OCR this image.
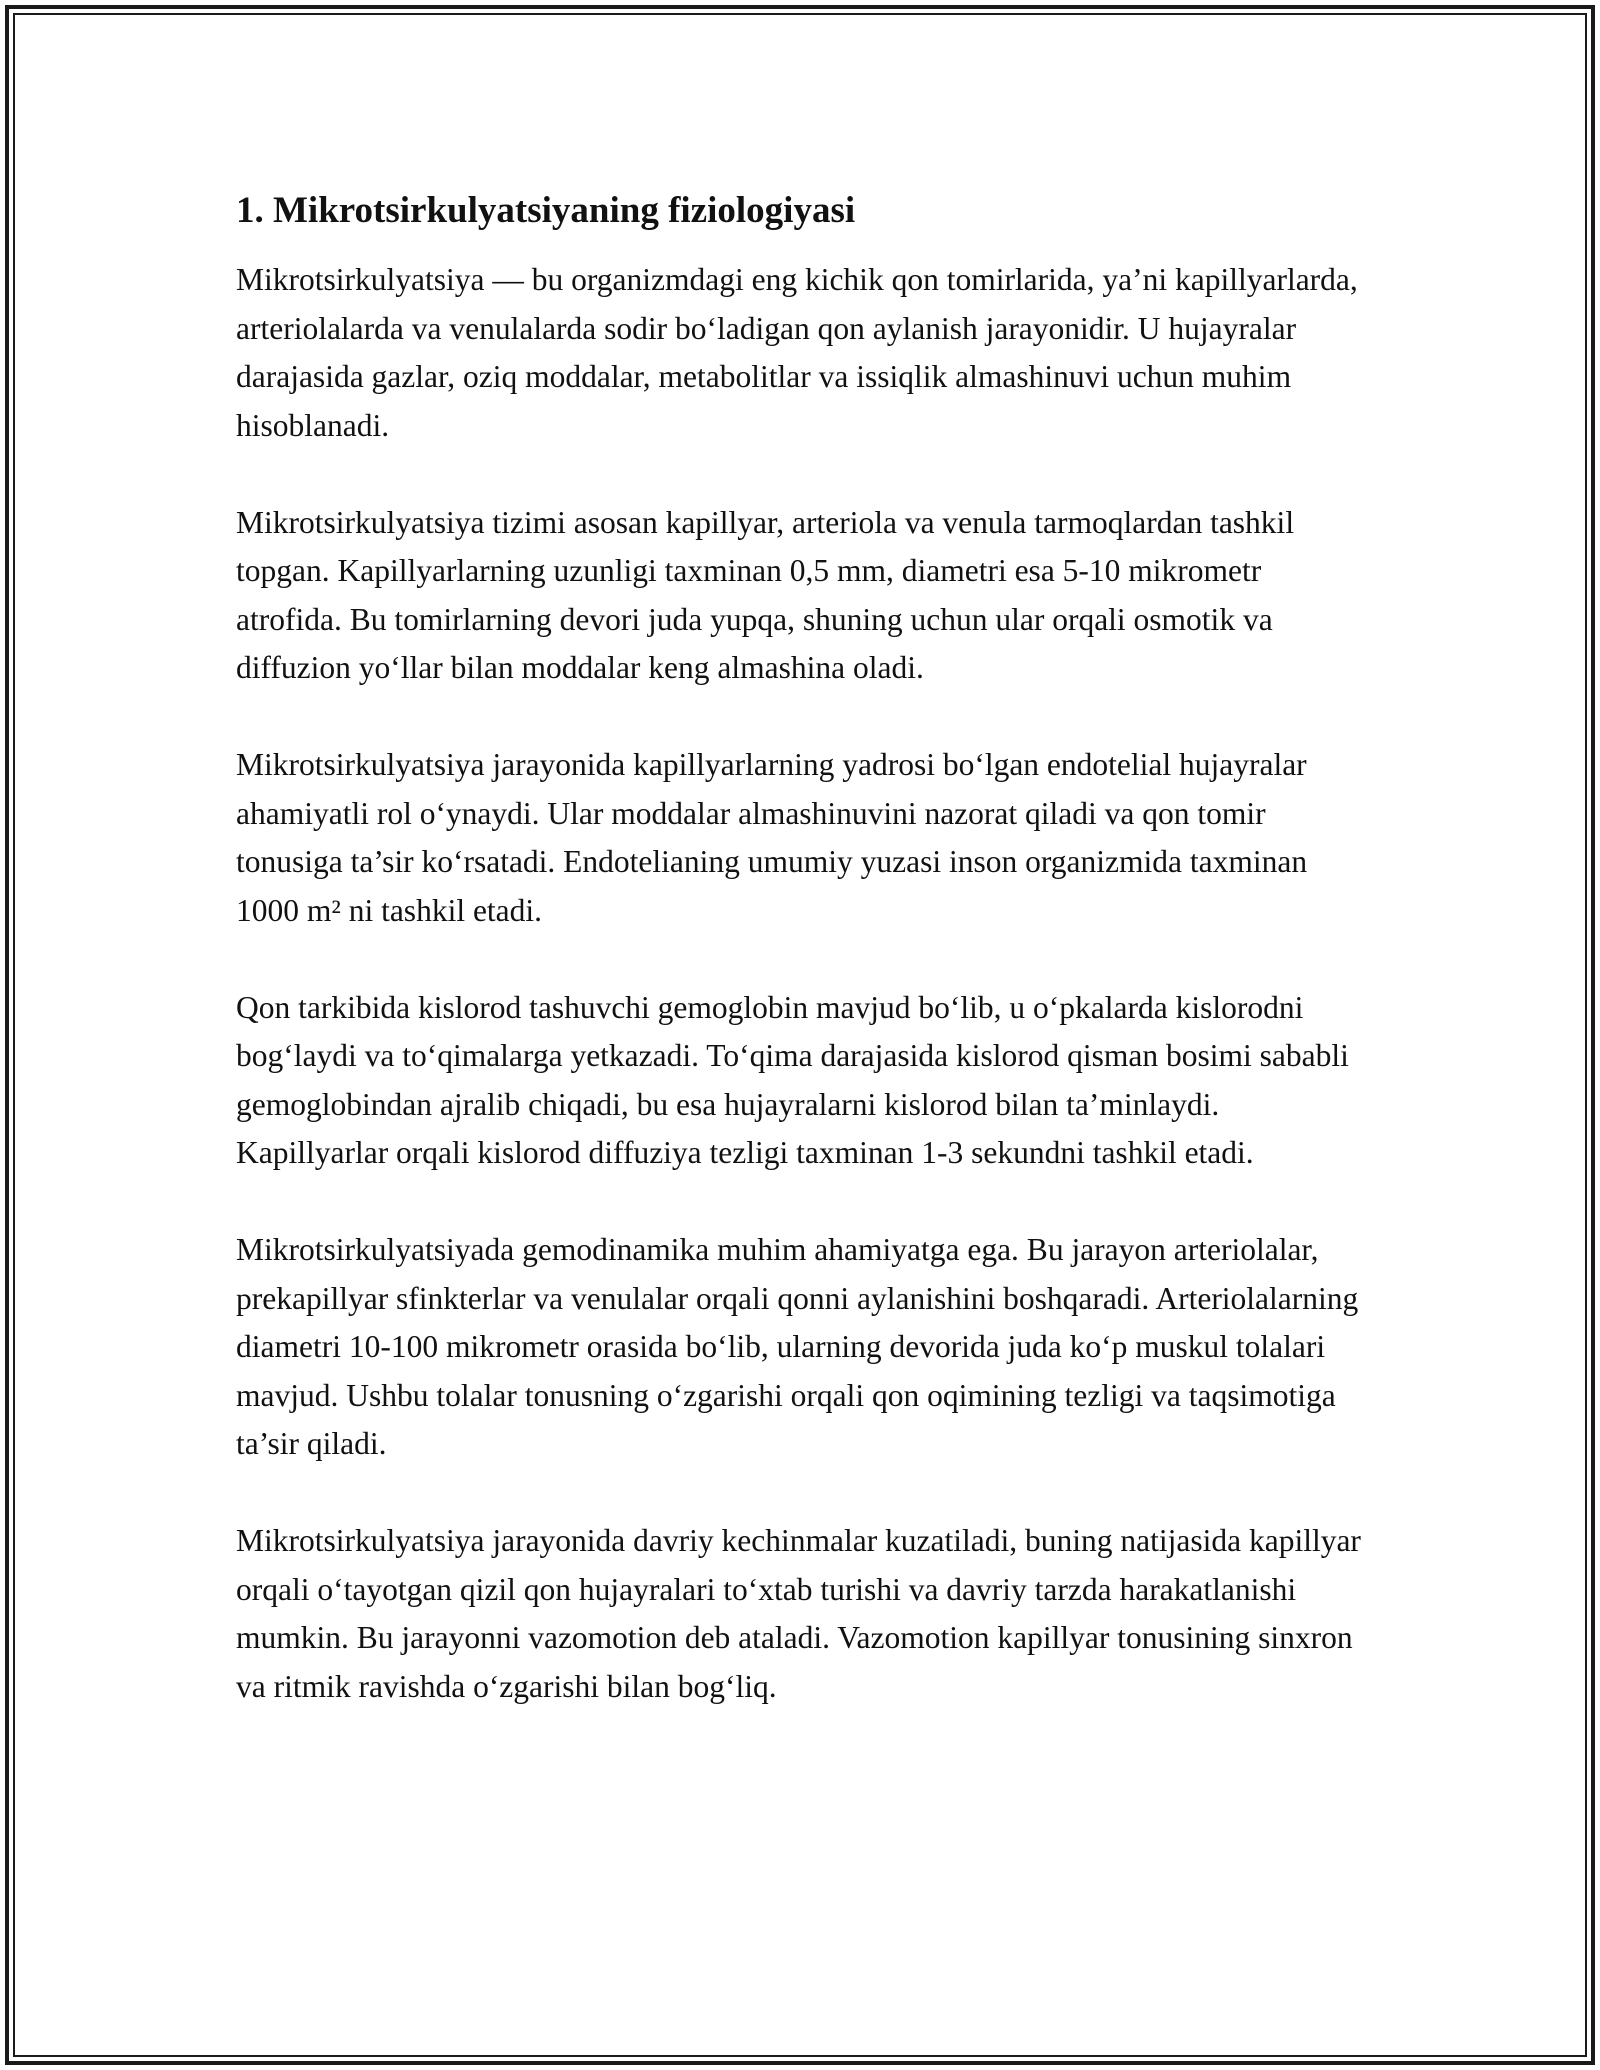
1. Mikrotsirkulyatsiyaning fiziologiyasi

Mikrotsirkulyatsiya — bu organizmdagi eng kichik qon tomirlarida, ya’ni kapillyarlarda, arteriolalarda va venulalarda sodir bo‘ladigan qon aylanish jarayonidir. U hujayralar darajasida gazlar, oziq moddalar, metabolitlar va issiqlik almashinuvi uchun muhim hisoblanadi.

Mikrotsirkulyatsiya tizimi asosan kapillyar, arteriola va venula tarmoqlardan tashkil topgan. Kapillyarlarning uzunligi taxminan 0,5 mm, diametri esa 5-10 mikrometr atrofida. Bu tomirlarning devori juda yupqa, shuning uchun ular orqali osmotik va diffuzion yo‘llar bilan moddalar keng almashina oladi.

Mikrotsirkulyatsiya jarayonida kapillyarlarning yadrosi bo‘lgan endotelial hujayralar ahamiyatli rol o‘ynaydi. Ular moddalar almashinuvini nazorat qiladi va qon tomir tonusiga ta’sir ko‘rsatadi. Endotelianing umumiy yuzasi inson organizmida taxminan 1000 m² ni tashkil etadi.

Qon tarkibida kislorod tashuvchi gemoglobin mavjud bo‘lib, u o‘pkalarda kislorodni bog‘laydi va to‘qimalarga yetkazadi. To‘qima darajasida kislorod qisman bosimi sababli gemoglobindan ajralib chiqadi, bu esa hujayralarni kislorod bilan ta’minlaydi. Kapillyarlar orqali kislorod diffuziya tezligi taxminan 1-3 sekundni tashkil etadi.

Mikrotsirkulyatsiyada gemodinamika muhim ahamiyatga ega. Bu jarayon arteriolalar, prekapillyar sfinkterlar va venulalar orqali qonni aylanishini boshqaradi. Arteriolalarning diametri 10-100 mikrometr orasida bo‘lib, ularning devorida juda ko‘p muskul tolalari mavjud. Ushbu tolalar tonusning o‘zgarishi orqali qon oqimining tezligi va taqsimotiga ta’sir qiladi.

Mikrotsirkulyatsiya jarayonida davriy kechinmalar kuzatiladi, buning natijasida kapillyar orqali o‘tayotgan qizil qon hujayralari to‘xtab turishi va davriy tarzda harakatlanishi mumkin. Bu jarayonni vazomotion deb ataladi. Vazomotion kapillyar tonusining sinxron va ritmik ravishda o‘zgarishi bilan bog‘liq.
